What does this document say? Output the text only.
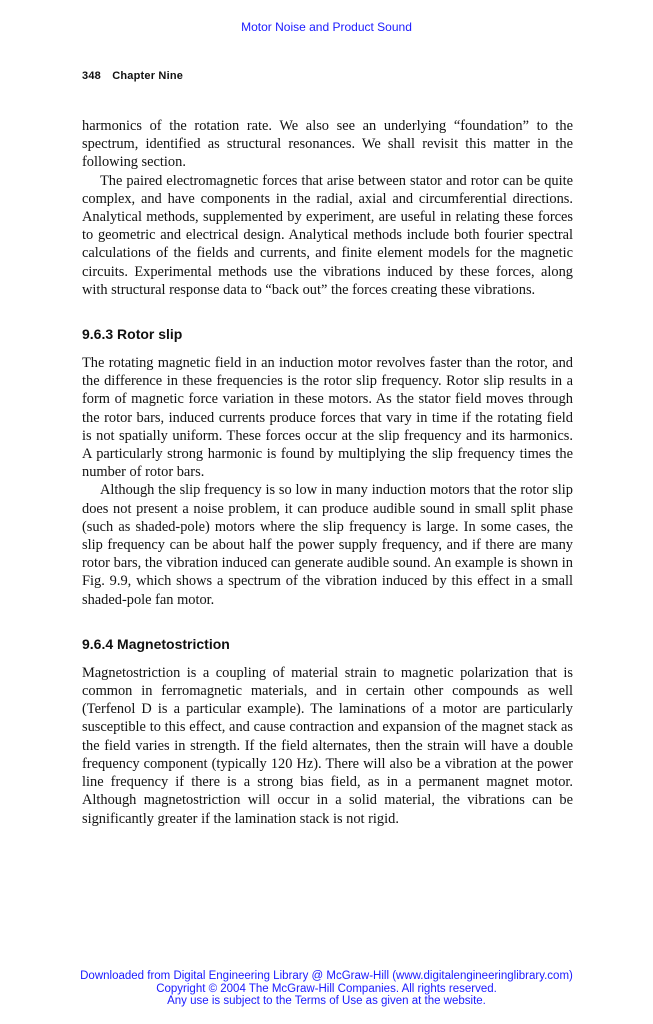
Motor Noise and Product Sound
348 Chapter Nine

harmonics of the rotation rate. We also see an underlying “foundation” to the spectrum, identified as structural resonances. We shall revisit this matter in the following section.

The paired electromagnetic forces that arise between stator and rotor can be quite complex, and have components in the radial, axial and circumferential directions. Analytical methods, supplemented by experiment, are useful in relating these forces to geometric and electrical design. Analytical methods include both fourier spectral calculations of the fields and currents, and finite element models for the magnetic circuits. Experimental methods use the vibrations induced by these forces, along with structural response data to “back out” the forces creating these vibrations.

9.6.3 Rotor slip

The rotating magnetic field in an induction motor revolves faster than the rotor, and the difference in these frequencies is the rotor slip frequency. Rotor slip results in a form of magnetic force variation in these motors. As the stator field moves through the rotor bars, induced currents produce forces that vary in time if the rotating field is not spatially uniform. These forces occur at the slip frequency and its harmonics. A particularly strong harmonic is found by multiplying the slip frequency times the number of rotor bars.

Although the slip frequency is so low in many induction motors that the rotor slip does not present a noise problem, it can produce audible sound in small split phase (such as shaded-pole) motors where the slip frequency is large. In some cases, the slip frequency can be about half the power supply frequency, and if there are many rotor bars, the vibration induced can generate audible sound. An example is shown in Fig. 9.9, which shows a spectrum of the vibration induced by this effect in a small shaded-pole fan motor.

9.6.4 Magnetostriction

Magnetostriction is a coupling of material strain to magnetic polarization that is common in ferromagnetic materials, and in certain other compounds as well (Terfenol D is a particular example). The laminations of a motor are particularly susceptible to this effect, and cause contraction and expansion of the magnet stack as the field varies in strength. If the field alternates, then the strain will have a double frequency component (typically 120 Hz). There will also be a vibration at the power line frequency if there is a strong bias field, as in a permanent magnet motor. Although magnetostriction will occur in a solid material, the vibrations can be significantly greater if the lamination stack is not rigid.

Downloaded from Digital Engineering Library @ McGraw-Hill (www.digitalengineeringlibrary.com)
Copyright © 2004 The McGraw-Hill Companies. All rights reserved.
Any use is subject to the Terms of Use as given at the website.
